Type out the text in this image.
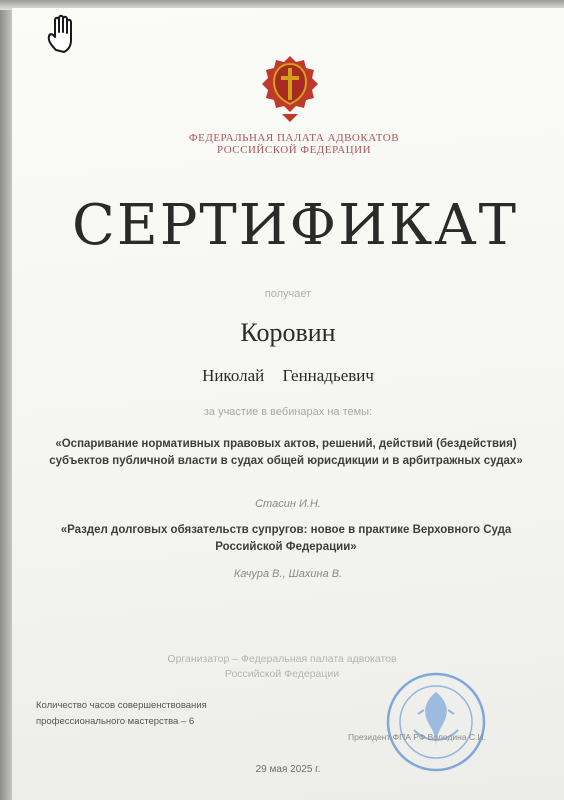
ФЕДЕРАЛЬНАЯ ПАЛАТА АДВОКАТОВ
РОССИЙСКОЙ ФЕДЕРАЦИИ
СЕРТИФИКАТ
получает
Коровин
Николай Геннадьевич
за участие в вебинарах на темы:
«Оспаривание нормативных правовых актов, решений, действий (бездействия) субъектов публичной власти в судах общей юрисдикции и в арбитражных судах»
Стасин И.Н.
«Раздел долговых обязательств супругов: новое в практике Верховного Суда Российской Федерации»
Качура В., Шахина В.
Организатор – Федеральная палата адвокатов
Российской Федерации
Количество часов совершенствования
профессионального мастерства – 6
Президент ФПА РФ Володина С.И.
29 мая 2025 г.
